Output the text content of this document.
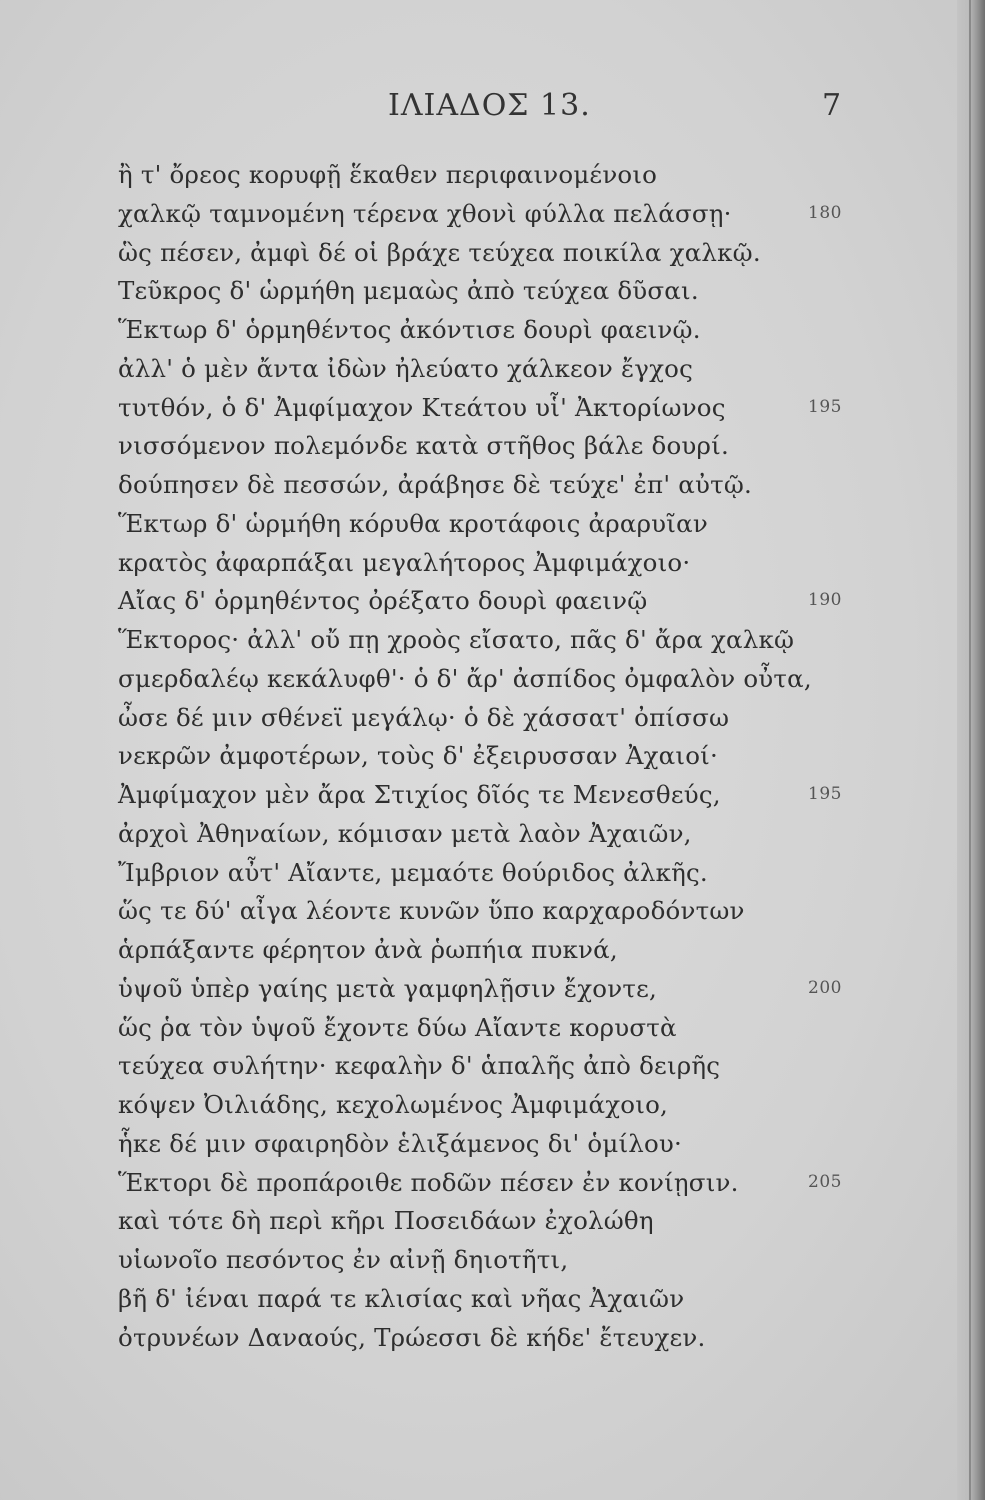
ΙΛΙΑΔΟΣ 13.	7
ἢ τ' ὄρεος κορυφῇ ἕκαθεν περιφαινομένοιο
χαλκῷ ταμνομένη τέρενα χθονὶ φύλλα πελάσσῃ·	180
ὣς πέσεν, ἀμφὶ δέ οἱ βράχε τεύχεα ποικίλα χαλκῷ.
Τεῦκρος δ' ὡρμήθη μεμαὼς ἀπὸ τεύχεα δῦσαι.
Ἕκτωρ δ' ὁρμηθέντος ἀκόντισε δουρὶ φαεινῷ.
ἀλλ' ὁ μὲν ἄντα ἰδὼν ἠλεύατο χάλκεον ἔγχος
τυτθόν, ὁ δ' Ἀμφίμαχον Κτεάτου υἷ' Ἀκτορίωνος	195
νισσόμενον πολεμόνδε κατὰ στῆθος βάλε δουρί.
δούπησεν δὲ πεσσών, ἀράβησε δὲ τεύχε' ἐπ' αὐτῷ.
Ἕκτωρ δ' ὡρμήθη κόρυθα κροτάφοις ἀραρυῖαν
κρατὸς ἀφαρπάξαι μεγαλήτορος Ἀμφιμάχοιο·
Αἴας δ' ὁρμηθέντος ὀρέξατο δουρὶ φαεινῷ	190
Ἕκτορος· ἀλλ' οὔ πῃ χροὸς εἴσατο, πᾶς δ' ἄρα χαλκῷ
σμερδαλέῳ κεκάλυφθ'· ὁ δ' ἄρ' ἀσπίδος ὀμφαλὸν οὖτα,
ὦσε δέ μιν σθένεϊ μεγάλῳ· ὁ δὲ χάσσατ' ὀπίσσω
νεκρῶν ἀμφοτέρων, τοὺς δ' ἐξειρυσσαν Ἀχαιοί·
Ἀμφίμαχον μὲν ἄρα Στιχίος δῖός τε Μενεσθεύς,	195
ἀρχοὶ Ἀθηναίων, κόμισαν μετὰ λαὸν Ἀχαιῶν,
Ἴμβριον αὖτ' Αἴαντε, μεμαότε θούριδος ἀλκῆς.
ὥς τε δύ' αἶγα λέοντε κυνῶν ὕπο καρχαροδόντων
ἁρπάξαντε φέρητον ἀνὰ ῥωπήια πυκνά,
ὑψοῦ ὑπὲρ γαίης μετὰ γαμφηλῇσιν ἔχοντε,	200
ὥς ῥα τὸν ὑψοῦ ἔχοντε δύω Αἴαντε κορυστὰ
τεύχεα συλήτην· κεφαλὴν δ' ἁπαλῆς ἀπὸ δειρῆς
κόψεν Ὀιλιάδης, κεχολωμένος Ἀμφιμάχοιο,
ἧκε δέ μιν σφαιρηδὸν ἑλιξάμενος δι' ὁμίλου·
Ἕκτορι δὲ προπάροιθε ποδῶν πέσεν ἐν κονίῃσιν.	205
καὶ τότε δὴ περὶ κῆρι Ποσειδάων ἐχολώθη
υἱωνοῖο πεσόντος ἐν αἰνῇ δηιοτῆτι,
βῆ δ' ἰέναι παρά τε κλισίας καὶ νῆας Ἀχαιῶν
ὀτρυνέων Δαναούς, Τρώεσσι δὲ κήδε' ἔτευχεν.
